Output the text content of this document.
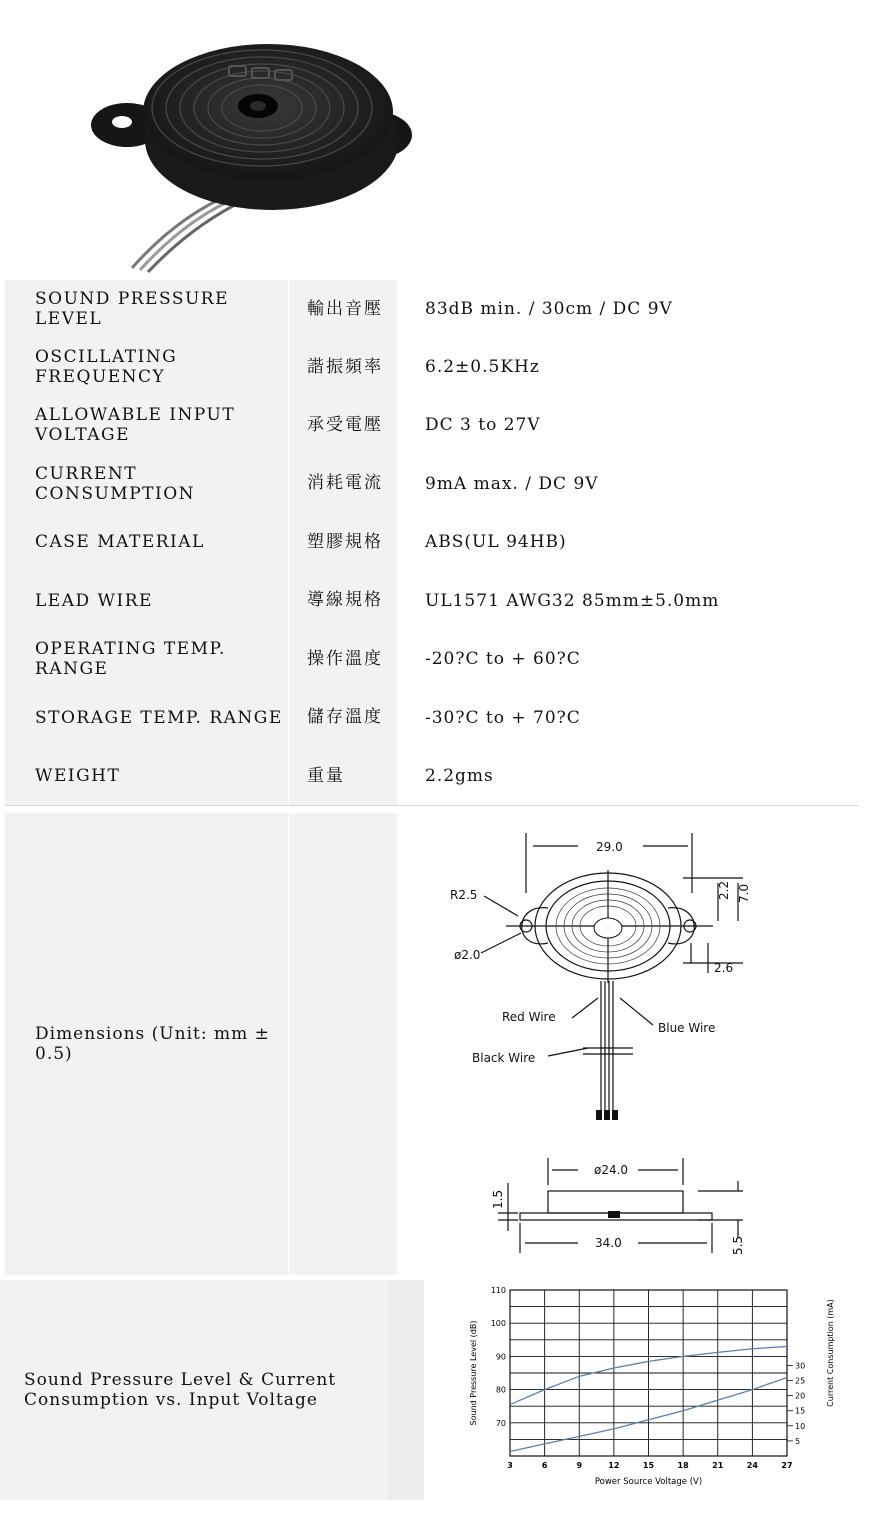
SOUND PRESSURE LEVEL
輸出音壓 83dB min. / 30cm / DC 9V
OSCILLATING FREQUENCY
諧振頻率 6.2±0.5KHz
ALLOWABLE INPUT VOLTAGE
承受電壓 DC 3 to 27V
CURRENT CONSUMPTION
消耗電流 9mA max. / DC 9V
CASE MATERIAL	塑膠規格 ABS(UL 94HB)
LEAD WIRE	導線規格 UL1571 AWG32 85mm±5.0mm
OPERATING TEMP. RANGE
操作溫度 -20?C to + 60?C
STORAGE TEMP. RANGE 儲存溫度 -30?C to + 70?C
WEIGHT	重量	2.2gms
Dimensions (Unit: mm ± 0.5)
29.0
R2.5
ø2.0
2.2 7.0
2.6
Red Wire
Blue Wire
Black Wire
ø24.0
34.0
1.5
5.5
Sound Pressure Level & Current Consumption vs. Input Voltage
3	6	9	12	15	18	21	24	27
70
80
90
100
110
5
10
15
20
25
30
Power Source Voltage (V)
Sound Pressure Level (dB)	Current Consumption (mA)
